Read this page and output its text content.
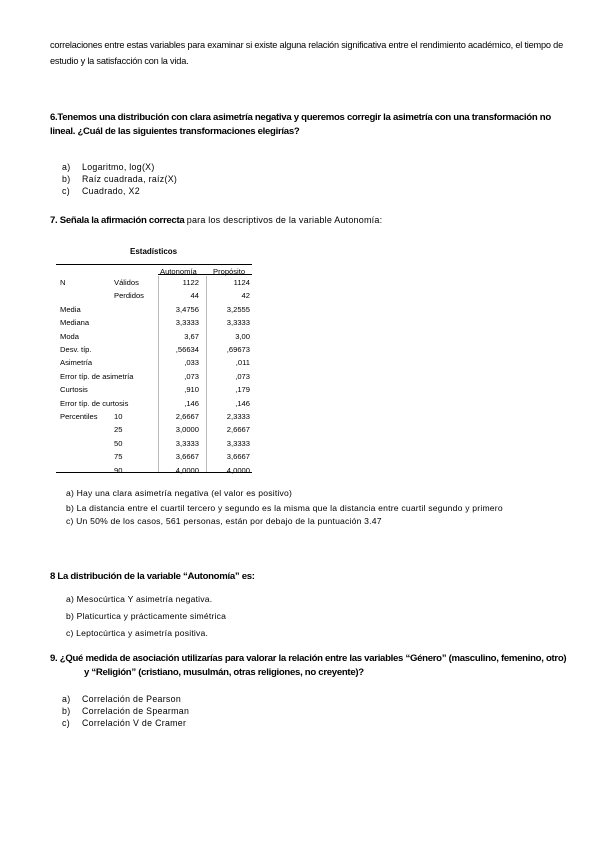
correlaciones entre estas variables para examinar si existe alguna relación significativa entre el rendimiento académico, el tiempo de estudio y la satisfacción con la vida.
6.Tenemos una distribución con clara asimetría negativa y queremos corregir la asimetría con una transformación no lineal. ¿Cuál de las siguientes transformaciones elegirías?
a) Logaritmo, log(X)
b) Raíz cuadrada, raíz(X)
c) Cuadrado, X2
7. Señala la afirmación correcta para los descriptivos de la variable Autonomía:
Estadísticos
Autonomía Propósito
N	Válidos	1122	1124
Perdidos	44	42
Media	3,4756	3,2555
Mediana	3,3333	3,3333
Moda	3,67	3,00
Desv. típ.	,56634	,69673
Asimetría	,033	,011
Error típ. de asimetría	,073	,073
Curtosis	,910	,179
Error típ. de curtosis	,146	,146
Percentiles 10	2,6667	2,3333
25	3,0000	2,6667
50	3,3333	3,3333
75	3,6667	3,6667
90	4,0000	4,0000
a) Hay una clara asimetría negativa (el valor es positivo)
b) La distancia entre el cuartil tercero y segundo es la misma que la distancia entre cuartil segundo y primero
c) Un 50% de los casos, 561 personas, están por debajo de la puntuación 3.47
8 La distribución de la variable “Autonomía” es:
a) Mesocúrtica Y asimetría negativa.
b) Platicurtica y prácticamente simétrica
c) Leptocúrtica y asimetría positiva.
9. ¿Qué medida de asociación utilizarías para valorar la relación entre las variables “Género” (masculino, femenino, otro)
y “Religión” (cristiano, musulmán, otras religiones, no creyente)?
a) Correlación de Pearson
b) Correlación de Spearman
c) Correlación V de Cramer
